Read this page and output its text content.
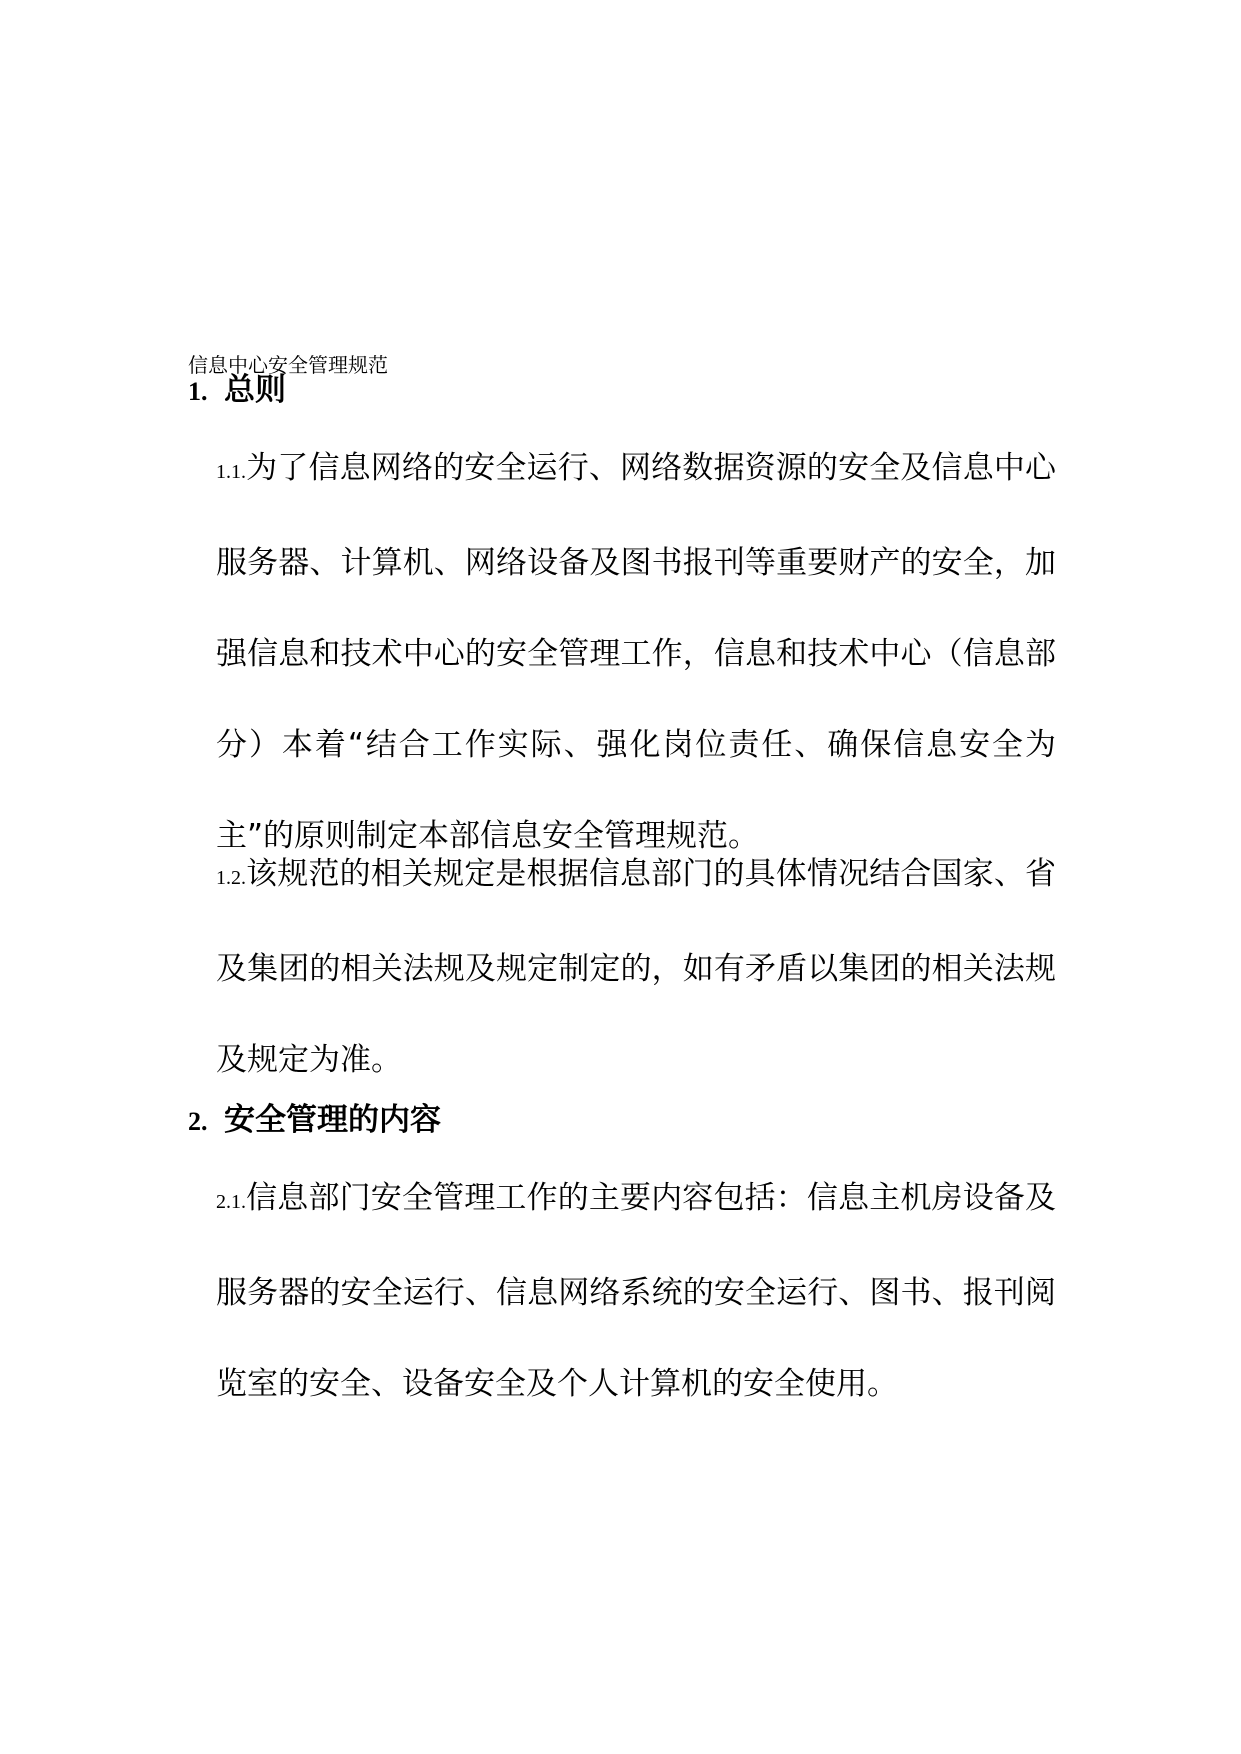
信息中心安全管理规范
1. 总则
1.1.为了信息网络的安全运行、网络数据资源的安全及信息中心服务器、计算机、网络设备及图书报刊等重要财产的安全，加强信息和技术中心的安全管理工作，信息和技术中心（信息部分）本着“结合工作实际、强化岗位责任、确保信息安全为主”的原则制定本部信息安全管理规范。
1.2.该规范的相关规定是根据信息部门的具体情况结合国家、省及集团的相关法规及规定制定的，如有矛盾以集团的相关法规及规定为准。
2. 安全管理的内容
2.1.信息部门安全管理工作的主要内容包括：信息主机房设备及服务器的安全运行、信息网络系统的安全运行、图书、报刊阅览室的安全、设备安全及个人计算机的安全使用。
